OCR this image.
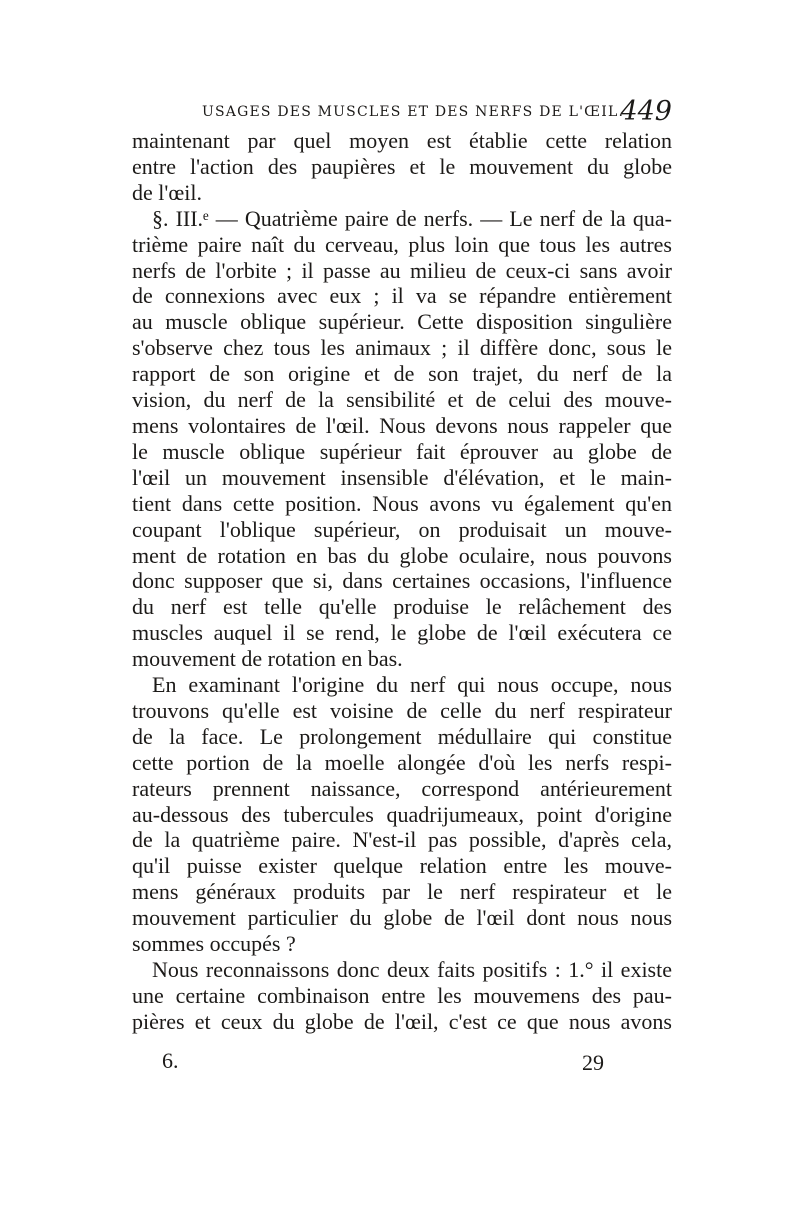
USAGES DES MUSCLES ET DES NERFS DE L'ŒIL.
449

maintenant par quel moyen est établie cette relation
entre l'action des paupières et le mouvement du globe
de l'œil.

§. III.ᵉ — Quatrième paire de nerfs. — Le nerf de la qua-
trième paire naît du cerveau, plus loin que tous les autres
nerfs de l'orbite ; il passe au milieu de ceux-ci sans avoir
de connexions avec eux ; il va se répandre entièrement
au muscle oblique supérieur. Cette disposition singulière
s'observe chez tous les animaux ; il diffère donc, sous le
rapport de son origine et de son trajet, du nerf de la
vision, du nerf de la sensibilité et de celui des mouve-
mens volontaires de l'œil. Nous devons nous rappeler que
le muscle oblique supérieur fait éprouver au globe de
l'œil un mouvement insensible d'élévation, et le main-
tient dans cette position. Nous avons vu également qu'en
coupant l'oblique supérieur, on produisait un mouve-
ment de rotation en bas du globe oculaire, nous pouvons
donc supposer que si, dans certaines occasions, l'influence
du nerf est telle qu'elle produise le relâchement des
muscles auquel il se rend, le globe de l'œil exécutera ce
mouvement de rotation en bas.

En examinant l'origine du nerf qui nous occupe, nous
trouvons qu'elle est voisine de celle du nerf respirateur
de la face. Le prolongement médullaire qui constitue
cette portion de la moelle alongée d'où les nerfs respi-
rateurs prennent naissance, correspond antérieurement
au-dessous des tubercules quadrijumeaux, point d'origine
de la quatrième paire. N'est-il pas possible, d'après cela,
qu'il puisse exister quelque relation entre les mouve-
mens généraux produits par le nerf respirateur et le
mouvement particulier du globe de l'œil dont nous nous
sommes occupés ?

Nous reconnaissons donc deux faits positifs : 1.° il existe
une certaine combinaison entre les mouvemens des pau-
pières et ceux du globe de l'œil, c'est ce que nous avons

6.	29
